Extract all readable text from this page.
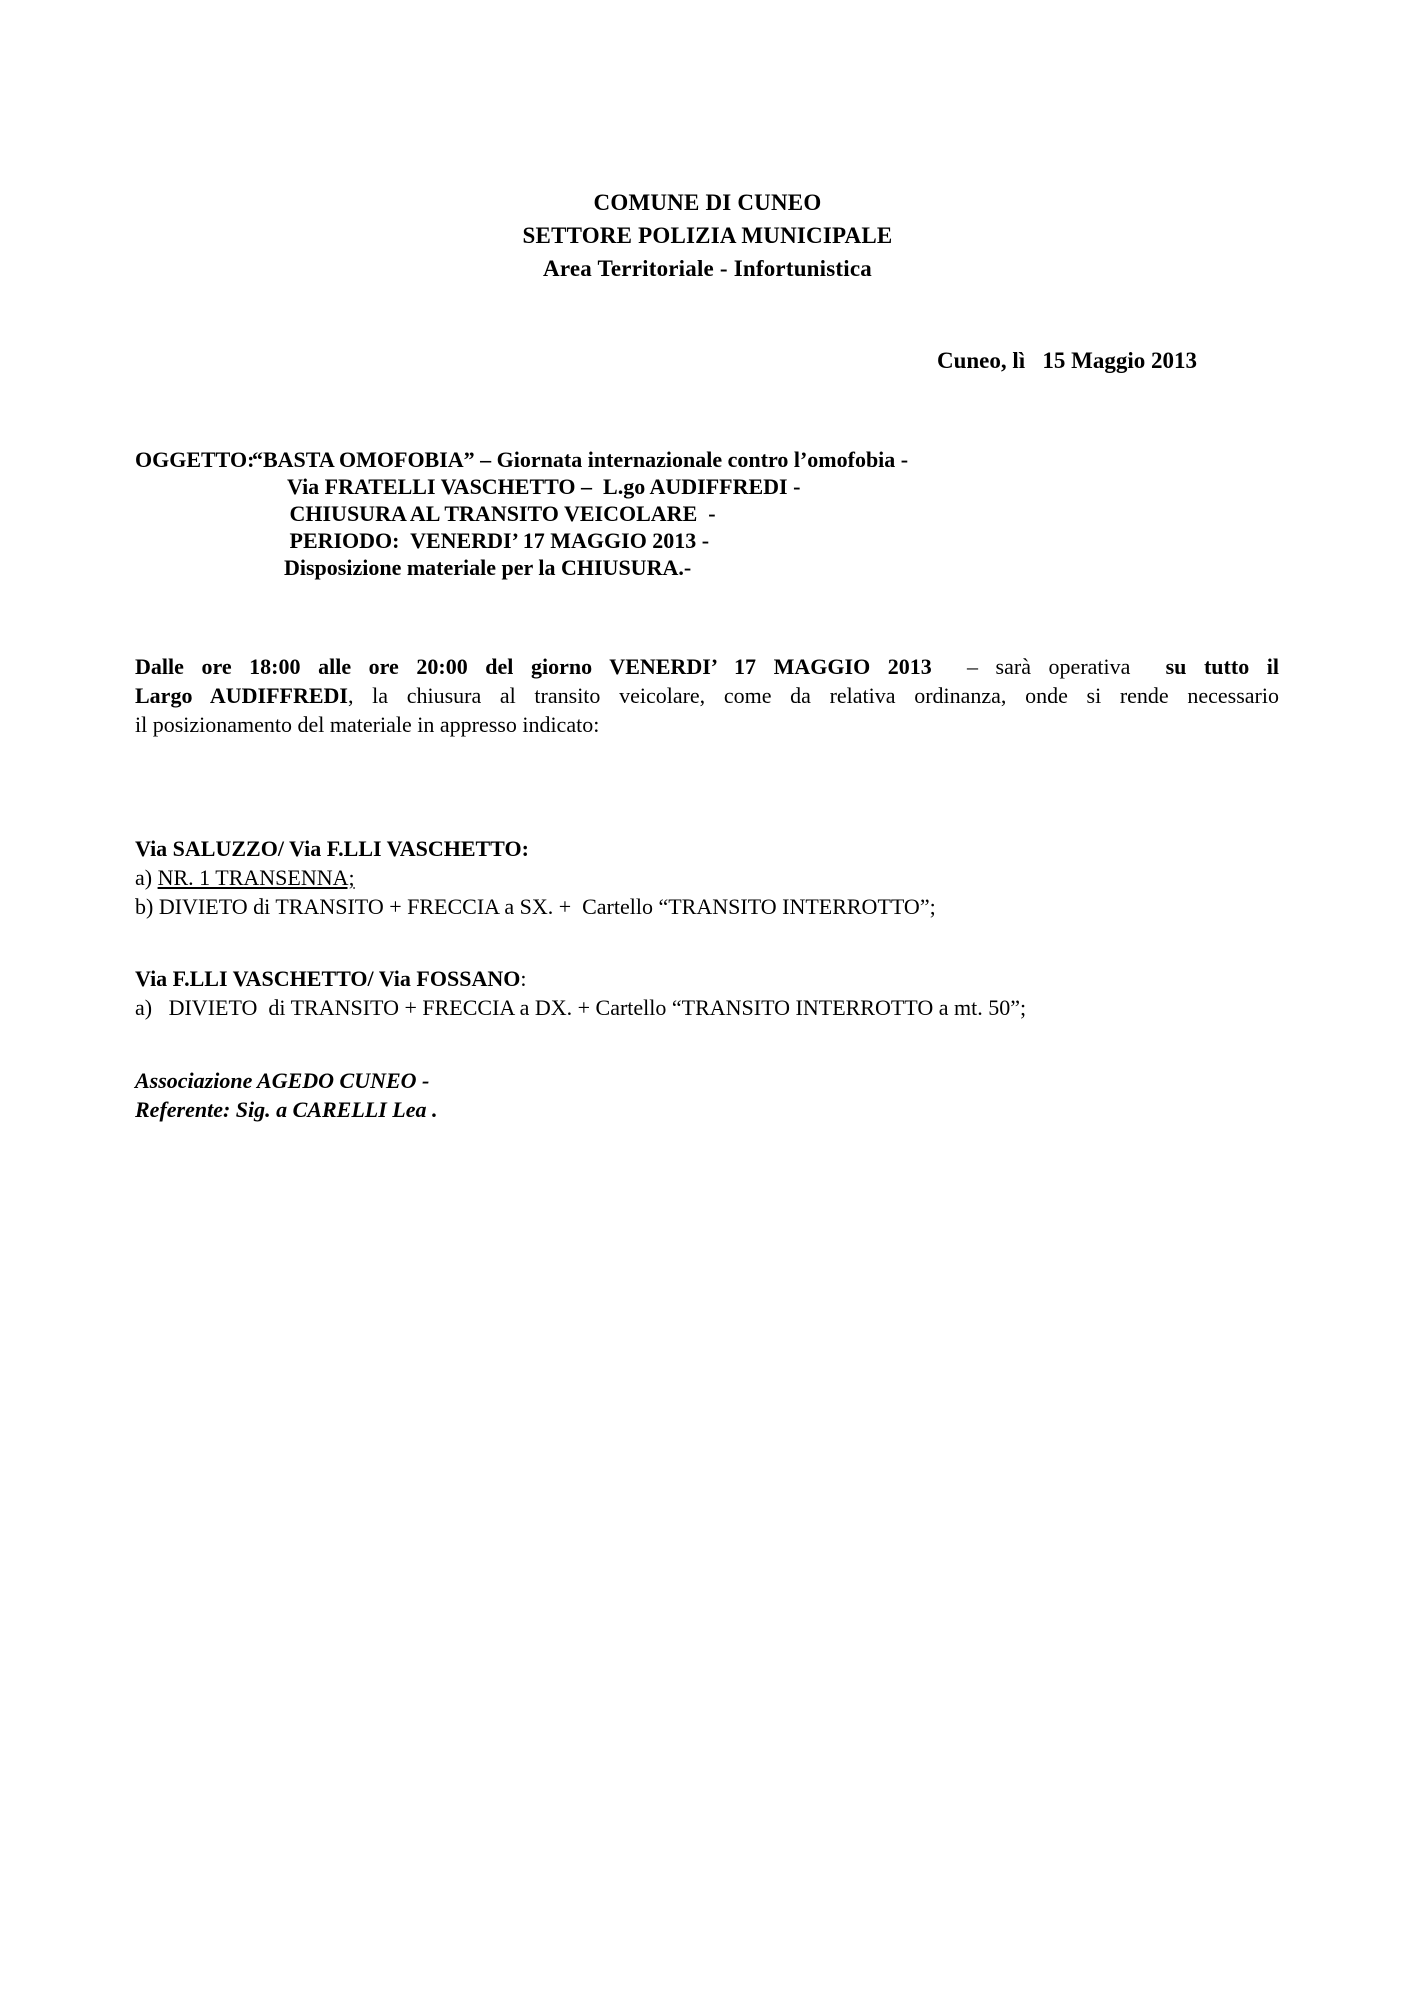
COMUNE DI CUNEO
SETTORE POLIZIA MUNICIPALE
Area Territoriale - Infortunistica
Cuneo, lì   15 Maggio 2013
OGGETTO:
“BASTA OMOFOBIA” – Giornata internazionale contro l’omofobia -
Via FRATELLI VASCHETTO –  L.go AUDIFFREDI -
CHIUSURA AL TRANSITO VEICOLARE  -
PERIODO:  VENERDI’ 17 MAGGIO 2013 -
Disposizione materiale per la CHIUSURA.-
Dalle ore 18:00 alle ore 20:00 del giorno VENERDI’ 17 MAGGIO 2013 – sarà operativa su tutto il
Largo AUDIFFREDI, la chiusura al transito veicolare, come da relativa ordinanza, onde si rende necessario
il posizionamento del materiale in appresso indicato:
Via SALUZZO/ Via F.LLI VASCHETTO:
a) NR. 1 TRANSENNA;
b) DIVIETO di TRANSITO + FRECCIA a SX. +  Cartello “TRANSITO INTERROTTO”;
Via F.LLI VASCHETTO/ Via FOSSANO:
a)   DIVIETO  di TRANSITO + FRECCIA a DX. + Cartello “TRANSITO INTERROTTO a mt. 50”;
Associazione AGEDO CUNEO -
Referente: Sig. a CARELLI Lea .
